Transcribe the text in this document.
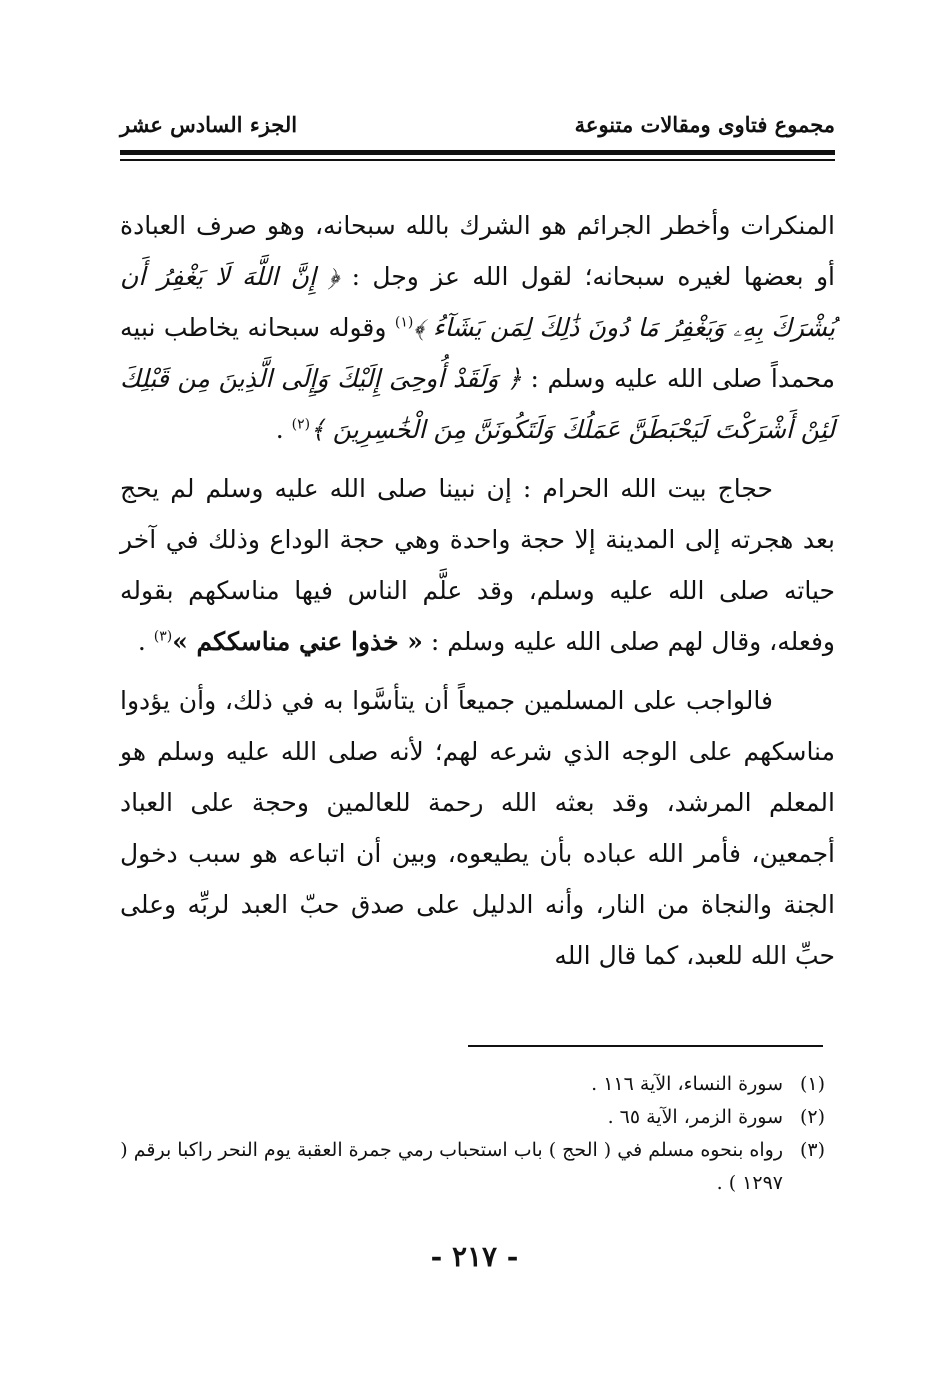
مجموع فتاوى ومقالات متنوعة
الجزء السادس عشر

المنكرات وأخطر الجرائم هو الشرك بالله سبحانه، وهو صرف العبادة أو بعضها لغيره سبحانه؛ لقول الله عز وجل : ﴿ إِنَّ اللَّهَ لَا يَغْفِرُ أَن يُشْرَكَ بِهِۦ وَيَغْفِرُ مَا دُونَ ذَٰلِكَ لِمَن يَشَآءُ ﴾$^{(١)}$ وقوله سبحانه يخاطب نبيه محمداً صلى الله عليه وسلم : ﴿ وَلَقَدْ أُوحِىَ إِلَيْكَ وَإِلَى الَّذِينَ مِن قَبْلِكَ لَئِنْ أَشْرَكْتَ لَيَحْبَطَنَّ عَمَلُكَ وَلَتَكُونَنَّ مِنَ الْخَٰسِرِينَ ﴾$^{(٢)}$ .

حجاج بيت الله الحرام : إن نبينا صلى الله عليه وسلم لم يحج بعد هجرته إلى المدينة إلا حجة واحدة وهي حجة الوداع وذلك في آخر حياته صلى الله عليه وسلم، وقد علَّم الناس فيها مناسكهم بقوله وفعله، وقال لهم صلى الله عليه وسلم : « خذوا عني مناسككم »$^{(٣)}$ .

فالواجب على المسلمين جميعاً أن يتأسَّوا به في ذلك، وأن يؤدوا مناسكهم على الوجه الذي شرعه لهم؛ لأنه صلى الله عليه وسلم هو المعلم المرشد، وقد بعثه الله رحمة للعالمين وحجة على العباد أجمعين، فأمر الله عباده بأن يطيعوه، وبين أن اتباعه هو سبب دخول الجنة والنجاة من النار، وأنه الدليل على صدق حبّ العبد لربِّه وعلى حبِّ الله للعبد، كما قال الله

(١)
سورة النساء، الآية ١١٦ .
(٢)
سورة الزمر، الآية ٦٥ .
(٣)
رواه بنحوه مسلم في ( الحج ) باب استحباب رمي جمرة العقبة يوم النحر راكبا برقم ( ١٢٩٧ ) .
- ٢١٧ -
